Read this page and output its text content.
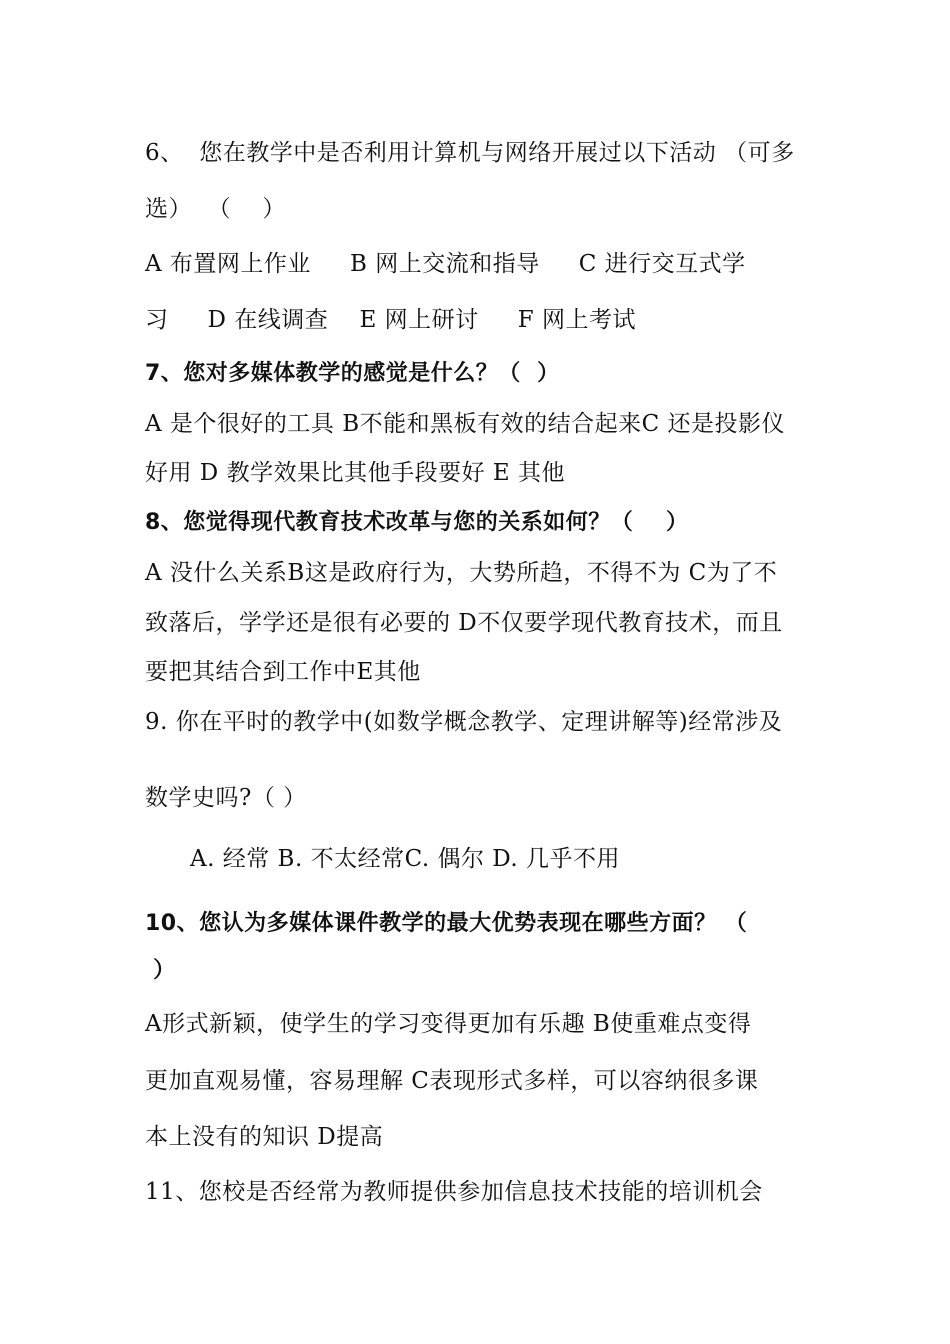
6、  您在教学中是否利用计算机与网络开展过以下活动 （可多
选）  （    ）
A 布置网上作业     B 网上交流和指导     C 进行交互式学
习     D 在线调查    E 网上研讨     F 网上考试
7、您对多媒体教学的感觉是什么？（  ）
A 是个很好的工具 B不能和黑板有效的结合起来C 还是投影仪
好用 D 教学效果比其他手段要好 E 其他
8、您觉得现代教育技术改革与您的关系如何？（    ）
A 没什么关系B这是政府行为，大势所趋，不得不为 C为了不
致落后，学学还是很有必要的 D不仅要学现代教育技术，而且
要把其结合到工作中E其他
9. 你在平时的教学中(如数学概念教学、定理讲解等)经常涉及
数学史吗?（ ）
A. 经常 B. 不太经常C. 偶尔 D. 几乎不用
10、您认为多媒体课件教学的最大优势表现在哪些方面？ （
）
A形式新颖，使学生的学习变得更加有乐趣 B使重难点变得
更加直观易懂，容易理解 C表现形式多样，可以容纳很多课
本上没有的知识 D提高
11、您校是否经常为教师提供参加信息技术技能的培训机会
